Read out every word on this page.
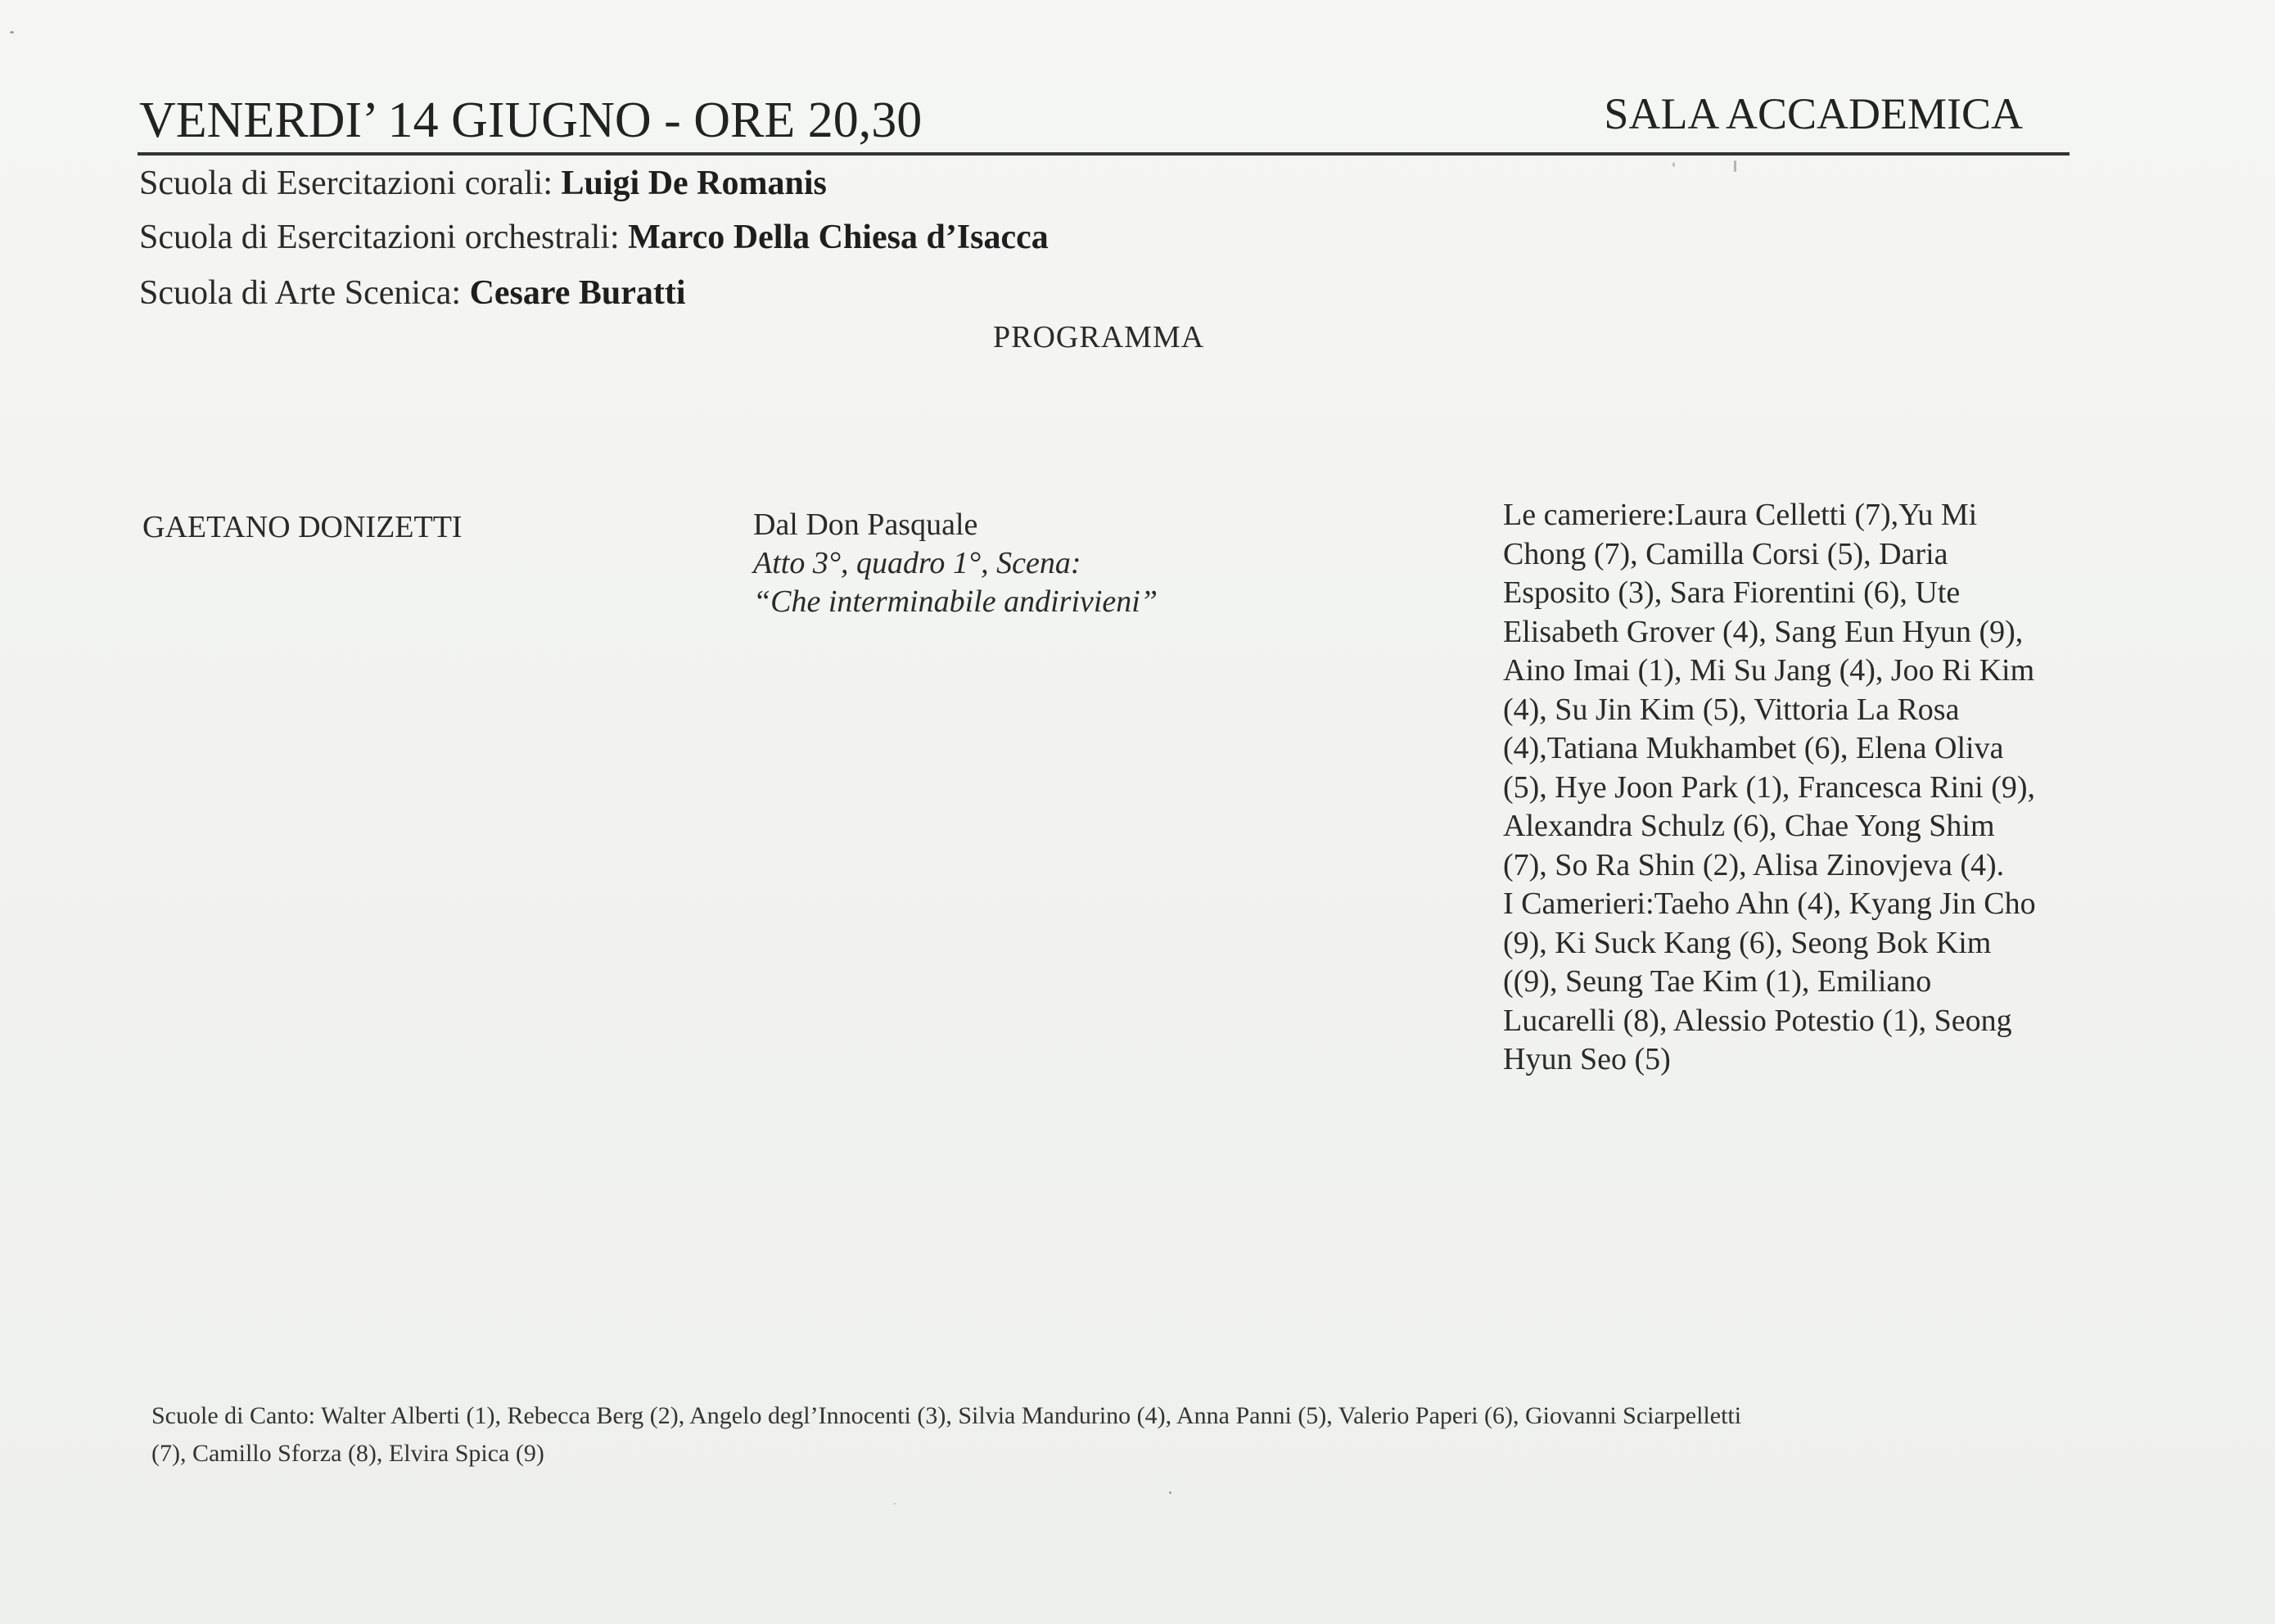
VENERDI’ 14 GIUGNO - ORE 20,30	SALA ACCADEMICA
Scuola di Esercitazioni corali: Luigi De Romanis
Scuola di Esercitazioni orchestrali: Marco Della Chiesa d’Isacca
Scuola di Arte Scenica: Cesare Buratti
PROGRAMMA
GAETANO DONIZETTI	Dal Don Pasquale
Atto 3°, quadro 1°, Scena:
“Che interminabile andirivieni”
Le cameriere:Laura Celletti (7),Yu Mi
Chong (7), Camilla Corsi (5), Daria
Esposito (3), Sara Fiorentini (6), Ute
Elisabeth Grover (4), Sang Eun Hyun (9),
Aino Imai (1), Mi Su Jang (4), Joo Ri Kim
(4), Su Jin Kim (5), Vittoria La Rosa
(4),Tatiana Mukhambet (6), Elena Oliva
(5), Hye Joon Park (1), Francesca Rini (9),
Alexandra Schulz (6), Chae Yong Shim
(7), So Ra Shin (2), Alisa Zinovjeva (4).
I Camerieri:Taeho Ahn (4), Kyang Jin Cho
(9), Ki Suck Kang (6), Seong Bok Kim
((9), Seung Tae Kim (1), Emiliano
Lucarelli (8), Alessio Potestio (1), Seong
Hyun Seo (5)
Scuole di Canto: Walter Alberti (1), Rebecca Berg (2), Angelo degl’Innocenti (3), Silvia Mandurino (4), Anna Panni (5), Valerio Paperi (6), Giovanni Sciarpelletti
(7), Camillo Sforza (8), Elvira Spica (9)
